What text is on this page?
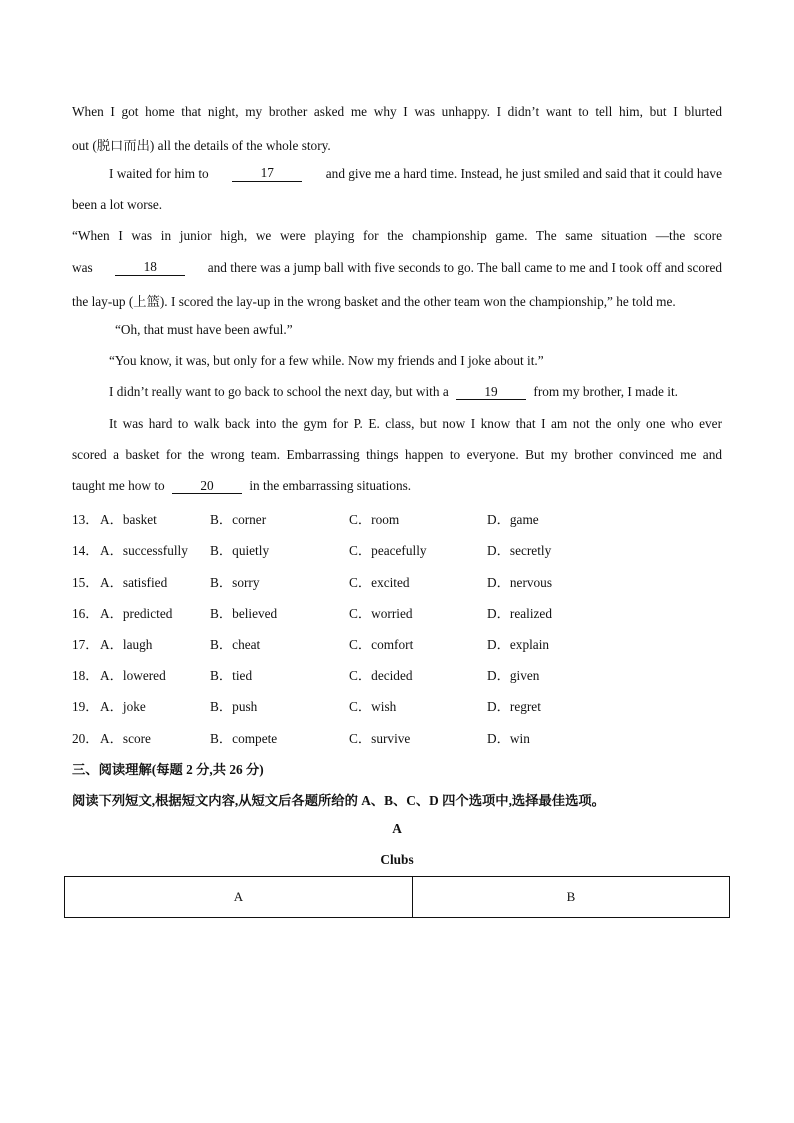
When I got home that night, my brother asked me why I was unhappy. I didn’t want to tell him, but I blurted
out (脱口而出) all the details of the whole story.
I waited for him to	17	and give me a hard time. Instead, he just smiled and said that it could have
been a lot worse.
“When I was in junior high, we were playing for the championship game. The same situation —the score
was	18	and there was a jump ball with five seconds to go. The ball came to me and I took off and scored
the lay-up (上篮). I scored the lay-up in the wrong basket and the other team won the championship,” he told me.
“Oh, that must have been awful.”
“You know, it was, but only for a few while. Now my friends and I joke about it.”
I didn’t really want to go back to school the next day, but with a	19	from my brother, I made it.
It was hard to walk back into the gym for P. E. class, but now I know that I am not the only one who ever
scored a basket for the wrong team. Embarrassing things happen to everyone. But my brother convinced me and
taught me how to	20	in the embarrassing situations.
13． A．basket	B．corner	C．room	D．game
14． A．successfully B．quietly	C．peacefully	D．secretly
15． A．satisfied	B．sorry	C．excited	D．nervous
16． A．predicted	B．believed	C．worried	D．realized
17． A．laugh	B．cheat	C．comfort	D．explain
18． A．lowered	B．tied	C．decided	D．given
19． A．joke	B．push	C．wish	D．regret
20． A．score	B．compete	C．survive	D．win
三、阅读理解(每题 2 分,共 26 分)
阅读下列短文,根据短文内容,从短文后各题所给的 A、B、C、D 四个选项中,选择最佳选项。
A
Clubs
A	B
